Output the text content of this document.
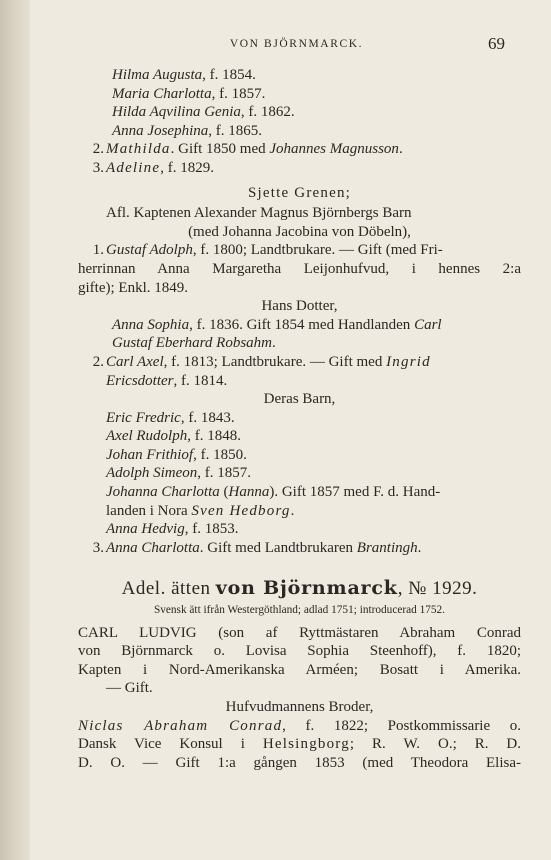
VON BJÖRNMARCK.	69
Hilma Augusta, f. 1854.
Maria Charlotta, f. 1857.
Hilda Aqvilina Genia, f. 1862.
Anna Josephina, f. 1865.
2. Mathilda. Gift 1850 med Johannes Magnusson.
3. Adeline, f. 1829.
Sjette Grenen;
Afl. Kaptenen Alexander Magnus Björnbergs Barn
(med Johanna Jacobina von Döbeln),
1. Gustaf Adolph, f. 1800; Landtbrukare. — Gift (med Fri-
herrinnan Anna Margaretha Leijonhufvud, i hennes 2:a
gifte); Enkl. 1849.
Hans Dotter,
Anna Sophia, f. 1836. Gift 1854 med Handlanden Carl
Gustaf Eberhard Robsahm.
2. Carl Axel, f. 1813; Landtbrukare. — Gift med Ingrid
Ericsdotter, f. 1814.
Deras Barn,
Eric Fredric, f. 1843.
Axel Rudolph, f. 1848.
Johan Frithiof, f. 1850.
Adolph Simeon, f. 1857.
Johanna Charlotta (Hanna). Gift 1857 med F. d. Hand-
landen i Nora Sven Hedborg.
Anna Hedvig, f. 1853.
3. Anna Charlotta. Gift med Landtbrukaren Brantingh.
Adel. ätten von Björnmarck, № 1929.
Svensk ätt ifrån Westergöthland; adlad 1751; introducerad 1752.
CARL LUDVIG (son af Ryttmästaren Abraham Conrad
von Björnmarck o. Lovisa Sophia Steenhoff), f. 1820;
Kapten i Nord-Amerikanska Arméen; Bosatt i Amerika.
— Gift.
Hufvudmannens Broder,
Niclas Abraham Conrad, f. 1822; Postkommissarie o.
Dansk Vice Konsul i Helsingborg; R. W. O.; R. D.
D. O. — Gift 1:a gången 1853 (med Theodora Elisa-
